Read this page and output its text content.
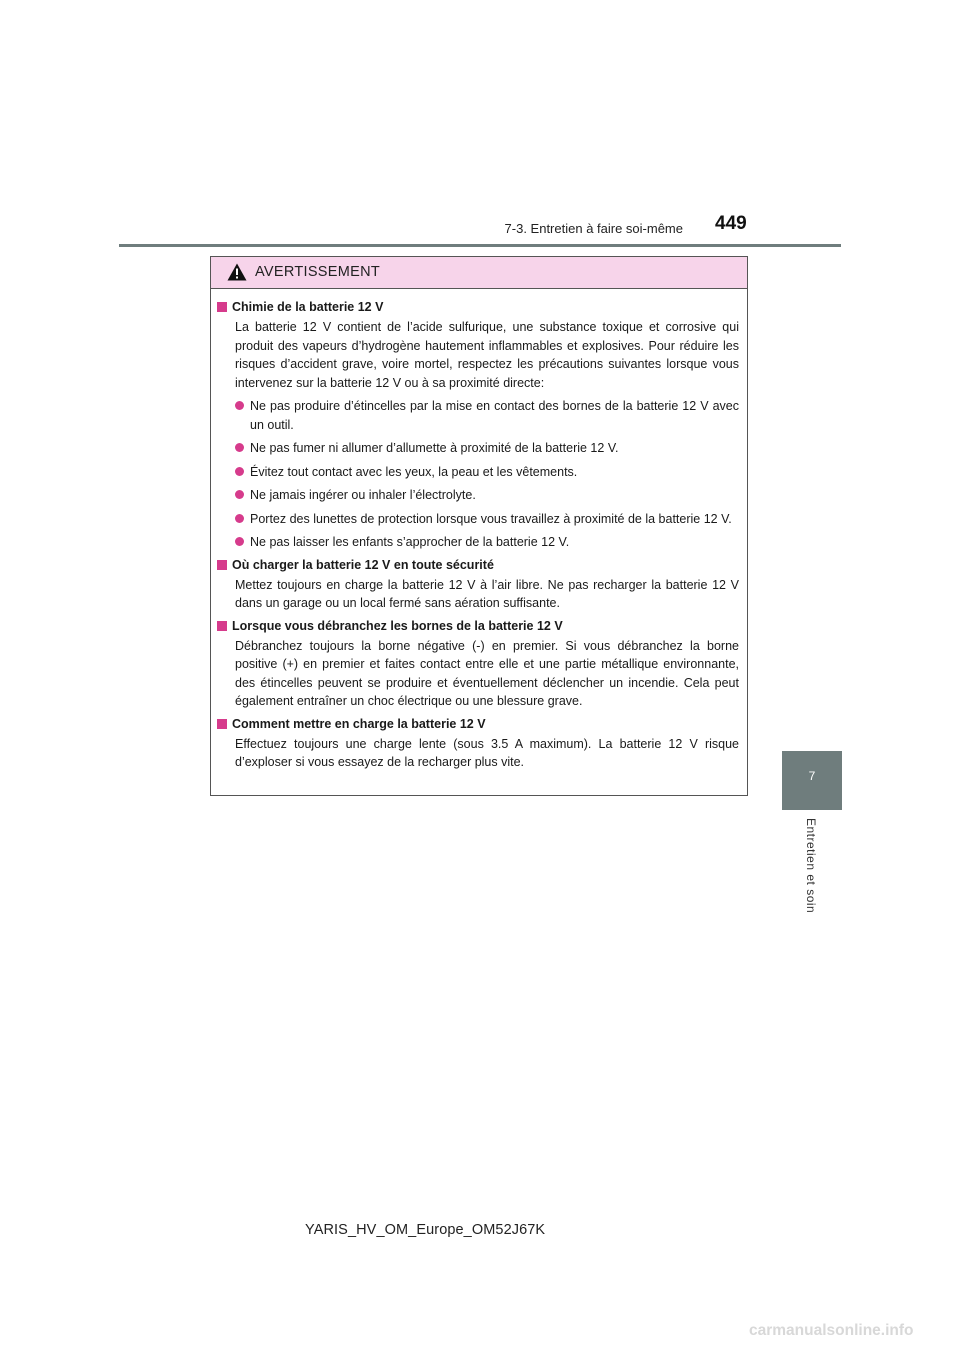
7-3. Entretien à faire soi-même 449
7
Entretien et soin
AVERTISSEMENT
Chimie de la batterie 12 V
La batterie 12 V contient de l’acide sulfurique, une substance toxique et corrosive qui produit des vapeurs d’hydrogène hautement inflammables et explosives. Pour réduire les risques d’accident grave, voire mortel, respectez les précautions suivantes lorsque vous intervenez sur la batterie 12 V ou à sa proximité directe:
Ne pas produire d’étincelles par la mise en contact des bornes de la batterie 12 V avec un outil.
Ne pas fumer ni allumer d’allumette à proximité de la batterie 12 V.
Évitez tout contact avec les yeux, la peau et les vêtements.
Ne jamais ingérer ou inhaler l’électrolyte.
Portez des lunettes de protection lorsque vous travaillez à proximité de la batterie 12 V.
Ne pas laisser les enfants s’approcher de la batterie 12 V.
Où charger la batterie 12 V en toute sécurité
Mettez toujours en charge la batterie 12 V à l’air libre. Ne pas recharger la batterie 12 V dans un garage ou un local fermé sans aération suffisante.
Lorsque vous débranchez les bornes de la batterie 12 V
Débranchez toujours la borne négative (-) en premier. Si vous débranchez la borne positive (+) en premier et faites contact entre elle et une partie métallique environnante, des étincelles peuvent se produire et éventuellement déclencher un incendie. Cela peut également entraîner un choc électrique ou une blessure grave.
Comment mettre en charge la batterie 12 V
Effectuez toujours une charge lente (sous 3.5 A maximum). La batterie 12 V risque d’exploser si vous essayez de la recharger plus vite.
YARIS_HV_OM_Europe_OM52J67K
carmanualsonline.info
